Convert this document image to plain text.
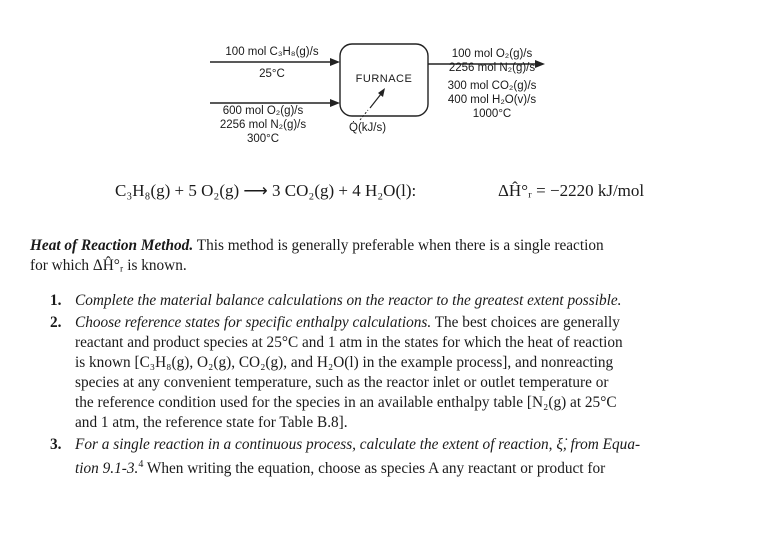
100 mol C₃H₈(g)/s
25°C
600 mol O₂(g)/s
2256 mol N₂(g)/s
300°C
FURNACE
Q̇(kJ/s)
100 mol O₂(g)/s
2256 mol N₂(g)/s
300 mol CO₂(g)/s
400 mol H₂O(v)/s
1000°C
C₃H₈(g) + 5 O₂(g) ⟶ 3 CO₂(g) + 4 H₂O(l):	ΔĤ°ᵣ = −2220 kJ/mol
Heat of Reaction Method. This method is generally preferable when there is a single reaction
for which ΔĤ°ᵣ is known.
1. Complete the material balance calculations on the reactor to the greatest extent possible.

2. Choose reference states for specific enthalpy calculations. The best choices are generally

reactant and product species at 25°C and 1 atm in the states for which the heat of reaction

is known [C₃H₈(g), O₂(g), CO₂(g), and H₂O(l) in the example process], and nonreacting

species at any convenient temperature, such as the reactor inlet or outlet temperature or

the reference condition used for the species in an available enthalpy table [N₂(g) at 25°C

and 1 atm, the reference state for Table B.8].

3. For a single reaction in a continuous process, calculate the extent of reaction, ξ̇, from Equa-

tion 9.1-3.$^4$ When writing the equation, choose as species A any reactant or product for
